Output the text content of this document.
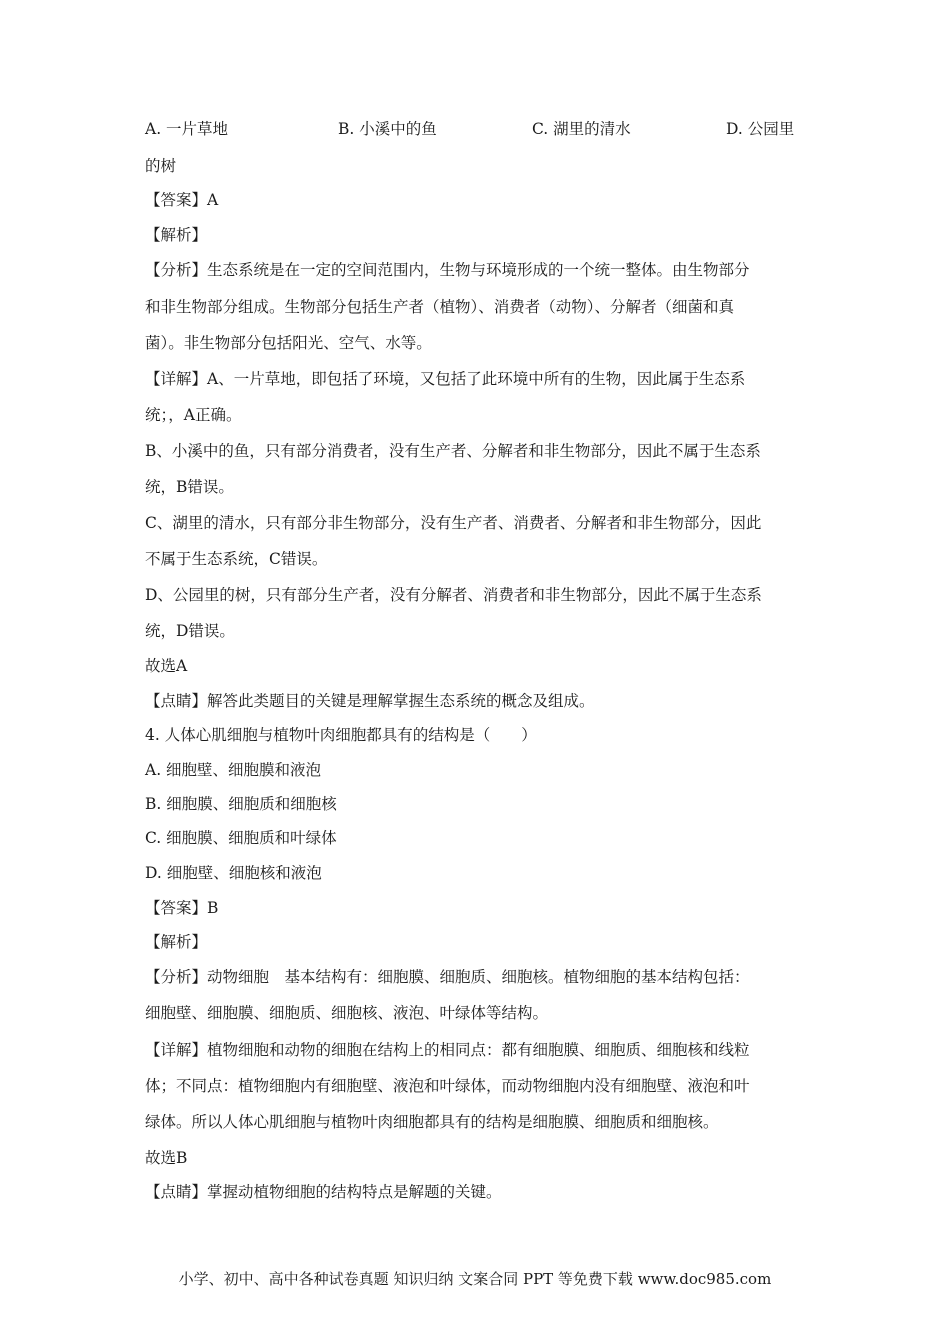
A. 一片草地	B. 小溪中的鱼	C. 湖里的清水	D. 公园里
的树
【答案】A
【解析】
【分析】生态系统是在一定的空间范围内，生物与环境形成的一个统一整体。由生物部分
和非生物部分组成。生物部分包括生产者（植物）、消费者（动物）、分解者（细菌和真
菌）。非生物部分包括阳光、空气、水等。
【详解】A、一片草地，即包括了环境，又包括了此环境中所有的生物，因此属于生态系
统；，A正确。
B、小溪中的鱼，只有部分消费者，没有生产者、分解者和非生物部分，因此不属于生态系
统，B错误。
C、湖里的清水，只有部分非生物部分，没有生产者、消费者、分解者和非生物部分，因此
不属于生态系统，C错误。
D、公园里的树，只有部分生产者，没有分解者、消费者和非生物部分，因此不属于生态系
统，D错误。
故选A
【点睛】解答此类题目的关键是理解掌握生态系统的概念及组成。
4. 人体心肌细胞与植物叶肉细胞都具有的结构是（　　）
A. 细胞壁、细胞膜和液泡
B. 细胞膜、细胞质和细胞核
C. 细胞膜、细胞质和叶绿体
D. 细胞壁、细胞核和液泡
【答案】B
【解析】
【分析】动物细胞　基本结构有：细胞膜、细胞质、细胞核。植物细胞的基本结构包括：
细胞壁、细胞膜、细胞质、细胞核、液泡、叶绿体等结构。
【详解】植物细胞和动物的细胞在结构上的相同点：都有细胞膜、细胞质、细胞核和线粒
体；不同点：植物细胞内有细胞壁、液泡和叶绿体，而动物细胞内没有细胞壁、液泡和叶
绿体。所以人体心肌细胞与植物叶肉细胞都具有的结构是细胞膜、细胞质和细胞核。
故选B
【点睛】掌握动植物细胞的结构特点是解题的关键。
小学、初中、高中各种试卷真题 知识归纳 文案合同 PPT 等免费下载 www.doc985.com
